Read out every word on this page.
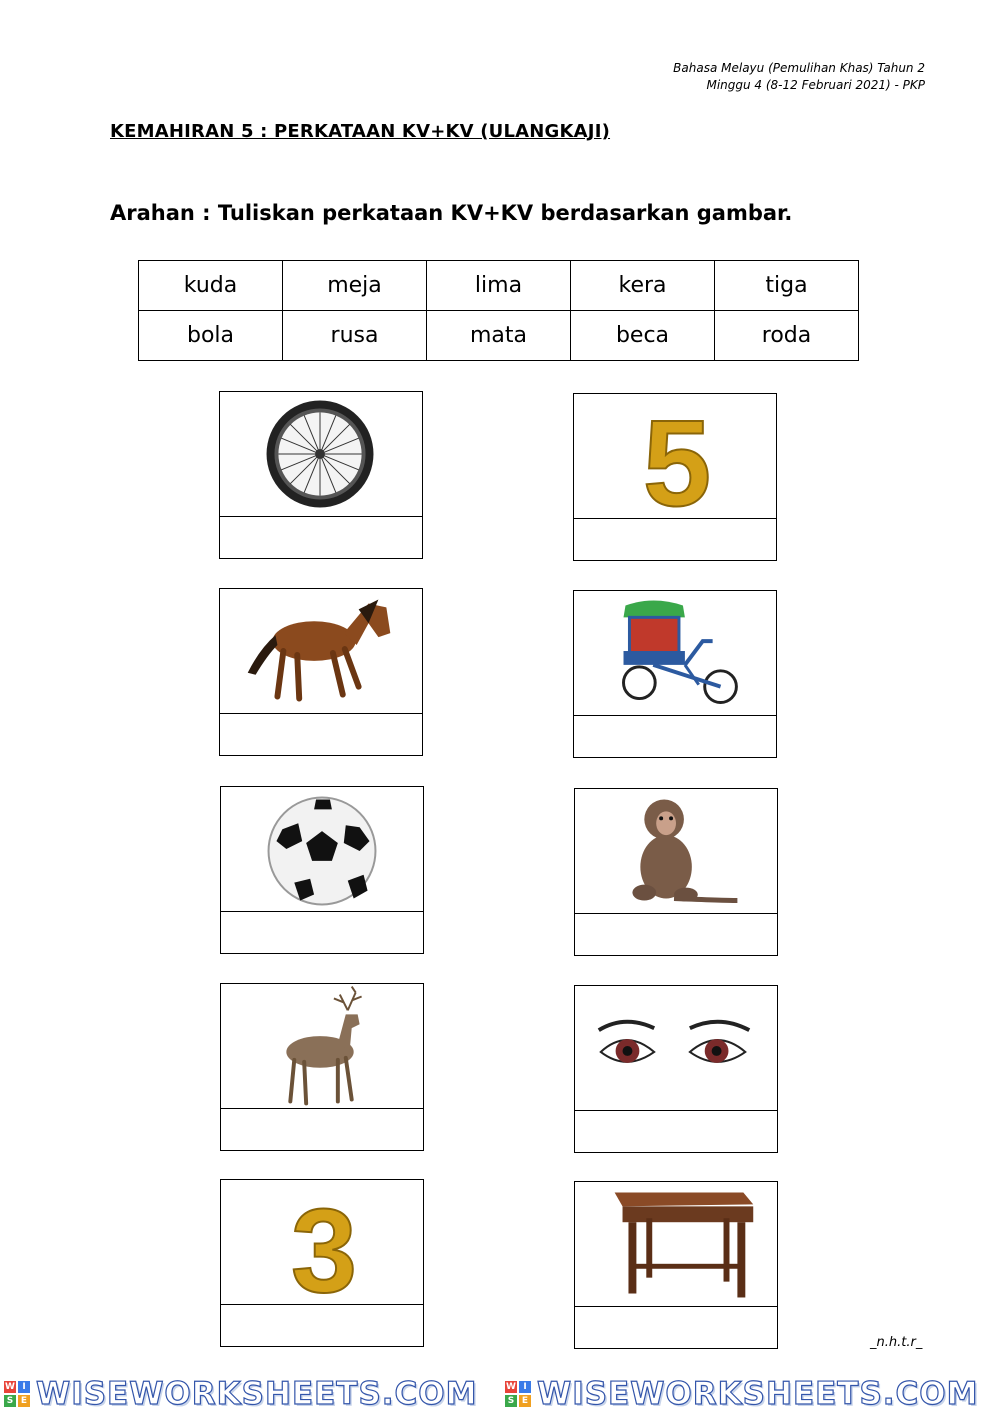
Bahasa Melayu (Pemulihan Khas) Tahun 2
Minggu 4 (8-12 Februari 2021) - PKP
KEMAHIRAN 5 : PERKATAAN KV+KV (ULANGKAJI)
Arahan : Tuliskan perkataan KV+KV berdasarkan gambar.
kuda	meja	lima	kera	tiga
bola	rusa	mata	beca	roda
5
3
_n.h.t.r_
W I
S E WISEWORKSHEETS.COM	W I
S E WISEWORKSHEETS.COM
